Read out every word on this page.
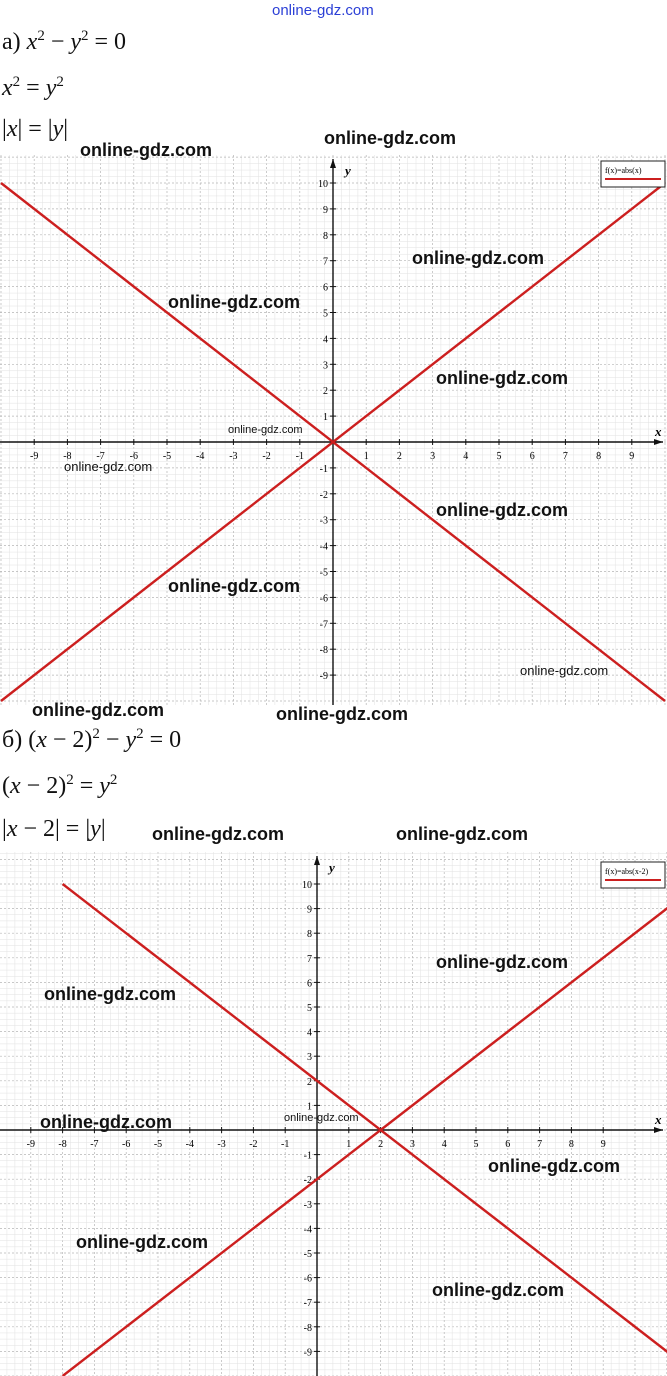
online-gdz.com
а) $x^2 - y^2 = 0$
$x^2 = y^2$
|x| = |y|
x
y
-9 -8 -7 -6 -5 -4 -3 -2 -1	1	2	3	4	5	6	7	8	9
-9
-8
-7
-6
-5
-4
-3
-2
-1
1
2
3
4
5
6
7
8
9
10
f(x)=abs(x)
б) $(x - 2)^2 - y^2 = 0$
$(x - 2)^2 = y^2$
|x − 2| = |y|
x
y
-9 -8 -7 -6 -5 -4 -3 -2 -1	1	2	3	4	5	6	7	8	9
-9
-8
-7
-6
-5
-4
-3
-2
-1
1
2
3
4
5
6
7
8
9
10
f(x)=abs(x-2)
online-gdz.com
online-gdz.com
online-gdz.com
online-gdz.com
online-gdz.com
online-gdz.com
online-gdz.com
online-gdz.com
online-gdz.com
online-gdz.com
online-gdz.com	online-gdz.com
online-gdz.com	online-gdz.com
online-gdz.com
online-gdz.com
online-gdz.com	online-gdz.com
online-gdz.com
online-gdz.com
online-gdz.com
